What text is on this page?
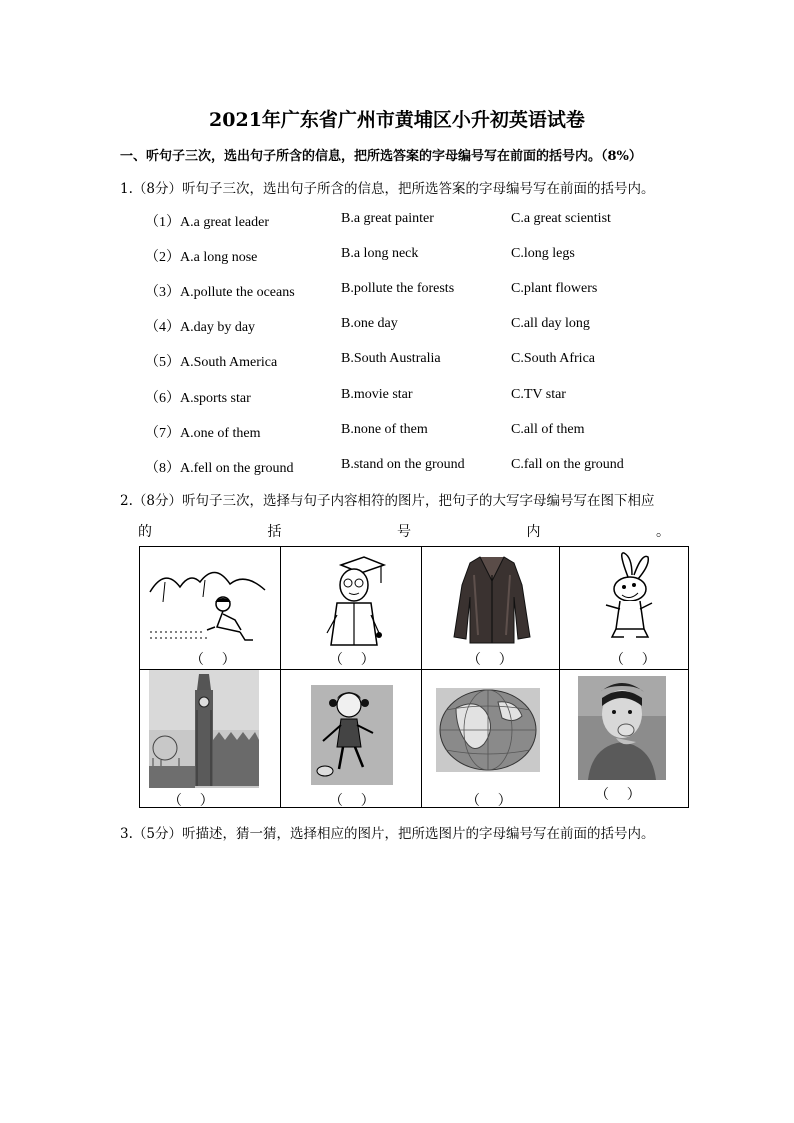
2021年广东省广州市黄埔区小升初英语试卷
一、听句子三次，选出句子所含的信息，把所选答案的字母编号写在前面的括号内。（8%）
1.（8分）听句子三次，选出句子所含的信息，把所选答案的字母编号写在前面的括号内。
（1）A.a great leader	B.a great painter	C.a great scientist
（2）A.a long nose	B.a long neck	C.long legs
（3）A.pollute the oceans	B.pollute the forests	C.plant flowers
（4）A.day by day	B.one day	C.all day long
（5）A.South America	B.South Australia	C.South Africa
（6）A.sports star	B.movie star	C.TV star
（7）A.one of them	B.none of them	C.all of them
（8）A.fell on the ground	B.stand on the ground	C.fall on the ground
2.（8分）听句子三次，选择与句子内容相符的图片，把句子的大写字母编号写在图下相应
的	括	号	内	。
（    ）	（    ）	（    ）	（    ）
（    ）	（    ）	（    ）	（    ）
3.（5分）听描述，猜一猜，选择相应的图片，把所选图片的字母编号写在前面的括号内。
